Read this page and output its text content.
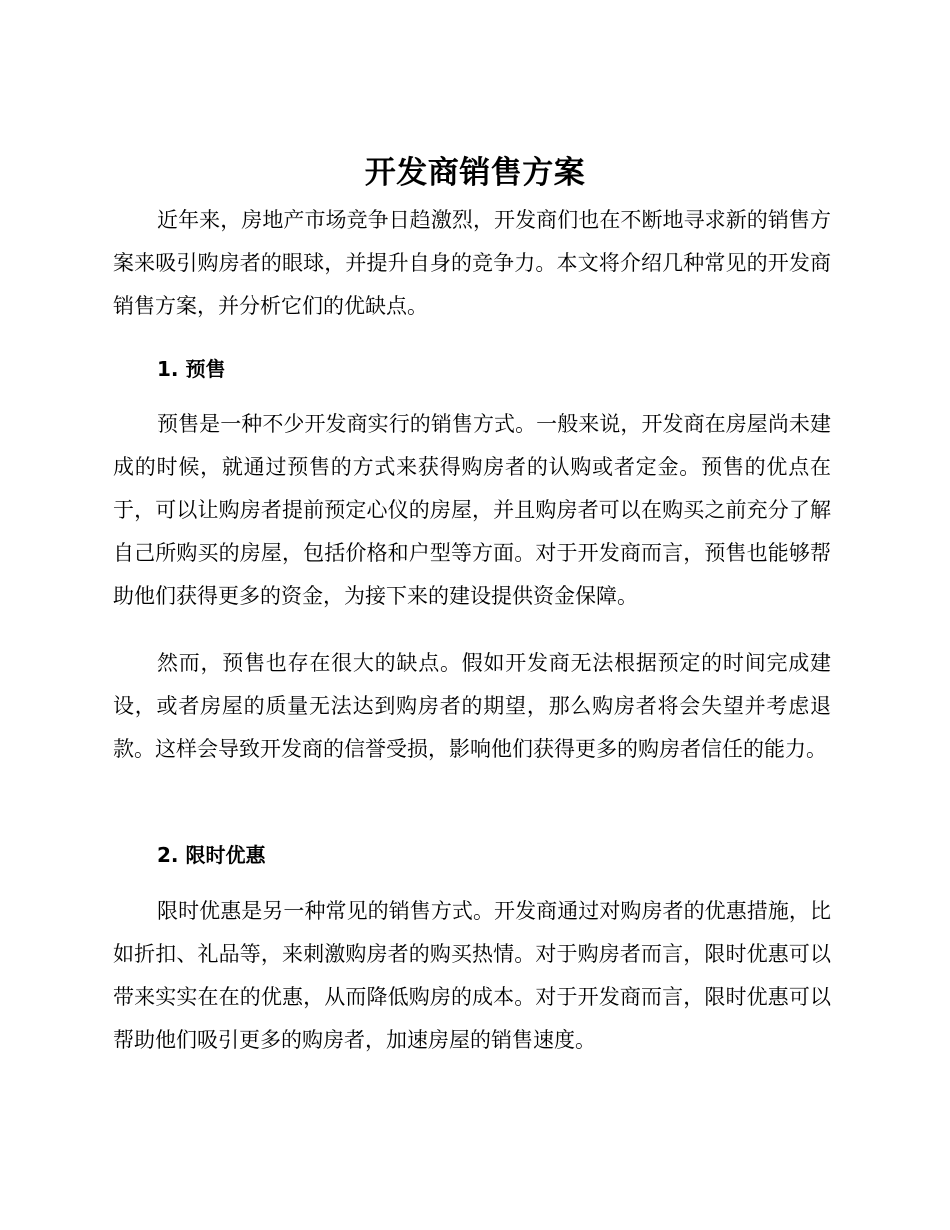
开发商销售方案
近年来，房地产市场竞争日趋激烈，开发商们也在不断地寻求新的销售方案来吸引购房者的眼球，并提升自身的竞争力。本文将介绍几种常见的开发商销售方案，并分析它们的优缺点。
1. 预售
预售是一种不少开发商实行的销售方式。一般来说，开发商在房屋尚未建成的时候，就通过预售的方式来获得购房者的认购或者定金。预售的优点在于，可以让购房者提前预定心仪的房屋，并且购房者可以在购买之前充分了解自己所购买的房屋，包括价格和户型等方面。对于开发商而言，预售也能够帮助他们获得更多的资金，为接下来的建设提供资金保障。
然而，预售也存在很大的缺点。假如开发商无法根据预定的时间完成建设，或者房屋的质量无法达到购房者的期望，那么购房者将会失望并考虑退款。这样会导致开发商的信誉受损，影响他们获得更多的购房者信任的能力。
2. 限时优惠
限时优惠是另一种常见的销售方式。开发商通过对购房者的优惠措施，比如折扣、礼品等，来刺激购房者的购买热情。对于购房者而言，限时优惠可以带来实实在在的优惠，从而降低购房的成本。对于开发商而言，限时优惠可以帮助他们吸引更多的购房者，加速房屋的销售速度。
